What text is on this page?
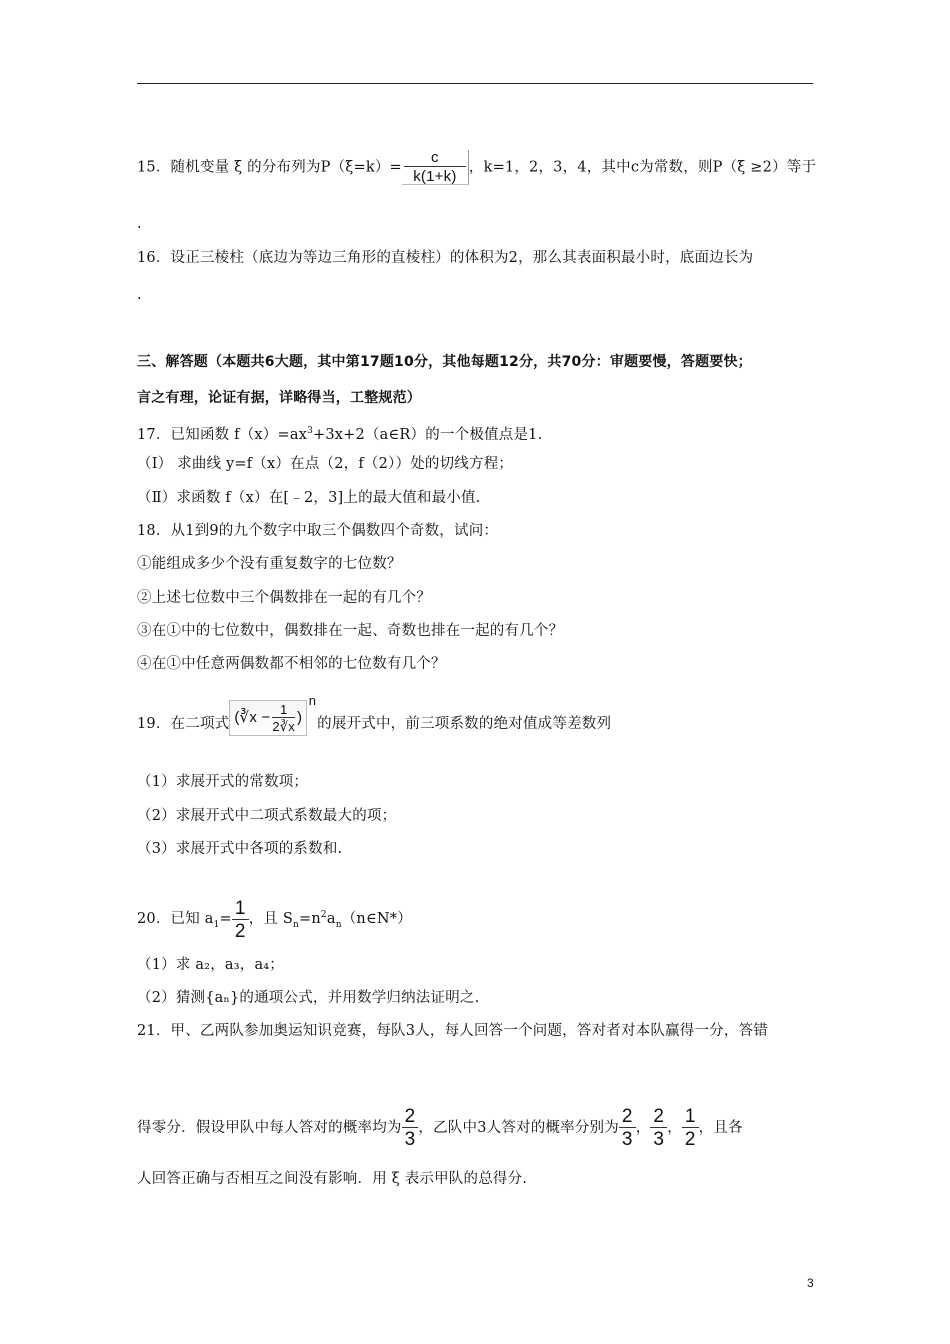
15．随机变量 ξ 的分布列为$P(\xi=k)= \frac{c}{k(1+k)}$ ，k=1，2，3，4，其中c为常数，则P（ξ ≥2）等于
.
16．设正三棱柱（底边为等边三角形的直棱柱）的体积为2，那么其表面积最小时，底面边长为
.
三、解答题（本题共6大题，其中第17题10分，其他每题12分，共70分：审题要慢，答题要快；
言之有理，论证有据，详略得当，工整规范）
17．已知函数 $f(x)=ax^3+3x+2(a\in R)$的一个极值点是1.
（Ⅰ） 求曲线 y=f（x）在点（2，f（2））处的切线方程；
（Ⅱ）求函数 f（x）在[﹣2，3]上的最大值和最小值.
18．从1到9的九个数字中取三个偶数四个奇数，试问：
①能组成多少个没有重复数字的七位数？
②上述七位数中三个偶数排在一起的有几个？
③在①中的七位数中，偶数排在一起、奇数也排在一起的有几个？
④在①中任意两偶数都不相邻的七位数有几个？
19．在二项式 (∛x − $\frac{1}{2∛x}$ )
n
的展开式中，前三项系数的绝对值成等差数列
（1）求展开式的常数项；
（2）求展开式中二项式系数最大的项；
（3）求展开式中各项的系数和.
20．已知 $a_1= \frac{1}{2}$ ，且 $S_n=n^2a_n(n\in N*)$
（1）求 a₂，a₃，a₄；
（2）猜测{aₙ}的通项公式，并用数学归纳法证明之.
21．甲、乙两队参加奥运知识竞赛，每队3人，每人回答一个问题，答对者对本队赢得一分，答错
得零分．假设甲队中每人答对的概率均为 $\frac{2}{3}$ ，乙队中3人答对的概率分别为 $\frac{2}{3}$ ， $\frac{2}{3}$ ， $\frac{1}{2}$ ，且各
人回答正确与否相互之间没有影响．用 ξ 表示甲队的总得分.
3
